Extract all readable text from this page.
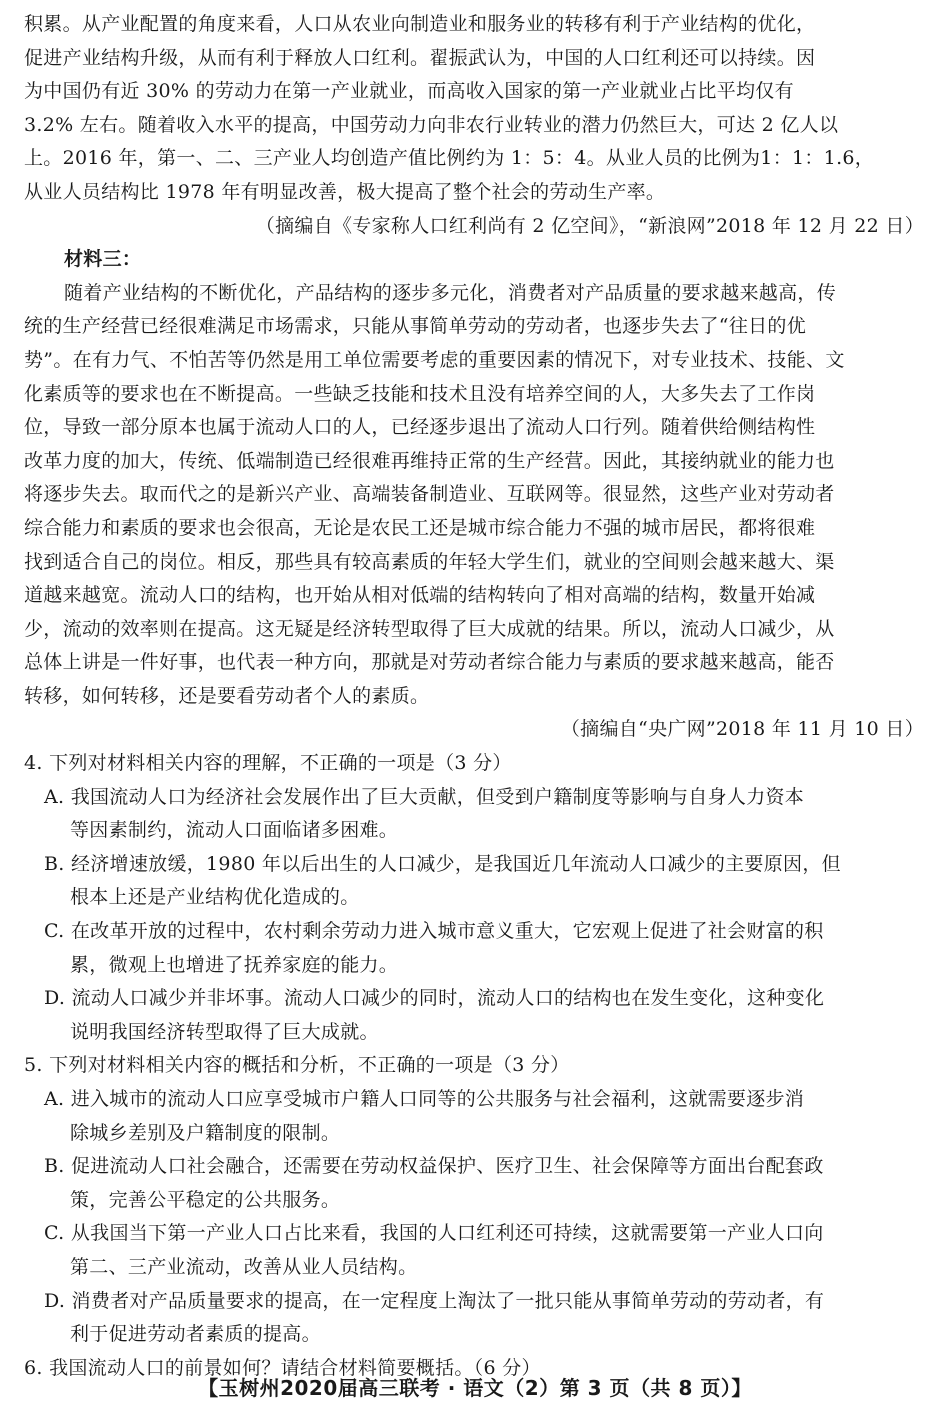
积累。从产业配置的角度来看，人口从农业向制造业和服务业的转移有利于产业结构的优化，
促进产业结构升级，从而有利于释放人口红利。翟振武认为，中国的人口红利还可以持续。因
为中国仍有近 30% 的劳动力在第一产业就业，而高收入国家的第一产业就业占比平均仅有
3.2% 左右。随着收入水平的提高，中国劳动力向非农行业转业的潜力仍然巨大，可达 2 亿人以
上。2016 年，第一、二、三产业人均创造产值比例约为 1：5：4。从业人员的比例为1：1：1.6，
从业人员结构比 1978 年有明显改善，极大提高了整个社会的劳动生产率。
（摘编自《专家称人口红利尚有 2 亿空间》，“新浪网”2018 年 12 月 22 日）
材料三：
随着产业结构的不断优化，产品结构的逐步多元化，消费者对产品质量的要求越来越高，传
统的生产经营已经很难满足市场需求，只能从事简单劳动的劳动者，也逐步失去了“往日的优
势”。在有力气、不怕苦等仍然是用工单位需要考虑的重要因素的情况下，对专业技术、技能、文
化素质等的要求也在不断提高。一些缺乏技能和技术且没有培养空间的人，大多失去了工作岗
位，导致一部分原本也属于流动人口的人，已经逐步退出了流动人口行列。随着供给侧结构性
改革力度的加大，传统、低端制造已经很难再维持正常的生产经营。因此，其接纳就业的能力也
将逐步失去。取而代之的是新兴产业、高端装备制造业、互联网等。很显然，这些产业对劳动者
综合能力和素质的要求也会很高，无论是农民工还是城市综合能力不强的城市居民，都将很难
找到适合自己的岗位。相反，那些具有较高素质的年轻大学生们，就业的空间则会越来越大、渠
道越来越宽。流动人口的结构，也开始从相对低端的结构转向了相对高端的结构，数量开始减
少，流动的效率则在提高。这无疑是经济转型取得了巨大成就的结果。所以，流动人口减少，从
总体上讲是一件好事，也代表一种方向，那就是对劳动者综合能力与素质的要求越来越高，能否
转移，如何转移，还是要看劳动者个人的素质。
（摘编自“央广网”2018 年 11 月 10 日）
4. 下列对材料相关内容的理解，不正确的一项是（3 分）
A. 我国流动人口为经济社会发展作出了巨大贡献，但受到户籍制度等影响与自身人力资本
等因素制约，流动人口面临诸多困难。
B. 经济增速放缓，1980 年以后出生的人口减少，是我国近几年流动人口减少的主要原因，但
根本上还是产业结构优化造成的。
C. 在改革开放的过程中，农村剩余劳动力进入城市意义重大，它宏观上促进了社会财富的积
累，微观上也增进了抚养家庭的能力。
D. 流动人口减少并非坏事。流动人口减少的同时，流动人口的结构也在发生变化，这种变化
说明我国经济转型取得了巨大成就。
5. 下列对材料相关内容的概括和分析，不正确的一项是（3 分）
A. 进入城市的流动人口应享受城市户籍人口同等的公共服务与社会福利，这就需要逐步消
除城乡差别及户籍制度的限制。
B. 促进流动人口社会融合，还需要在劳动权益保护、医疗卫生、社会保障等方面出台配套政
策，完善公平稳定的公共服务。
C. 从我国当下第一产业人口占比来看，我国的人口红利还可持续，这就需要第一产业人口向
第二、三产业流动，改善从业人员结构。
D. 消费者对产品质量要求的提高，在一定程度上淘汰了一批只能从事简单劳动的劳动者，有
利于促进劳动者素质的提高。
6. 我国流动人口的前景如何？请结合材料简要概括。（6 分）
【玉树州2020届高三联考 · 语文（2）第 3 页（共 8 页）】
